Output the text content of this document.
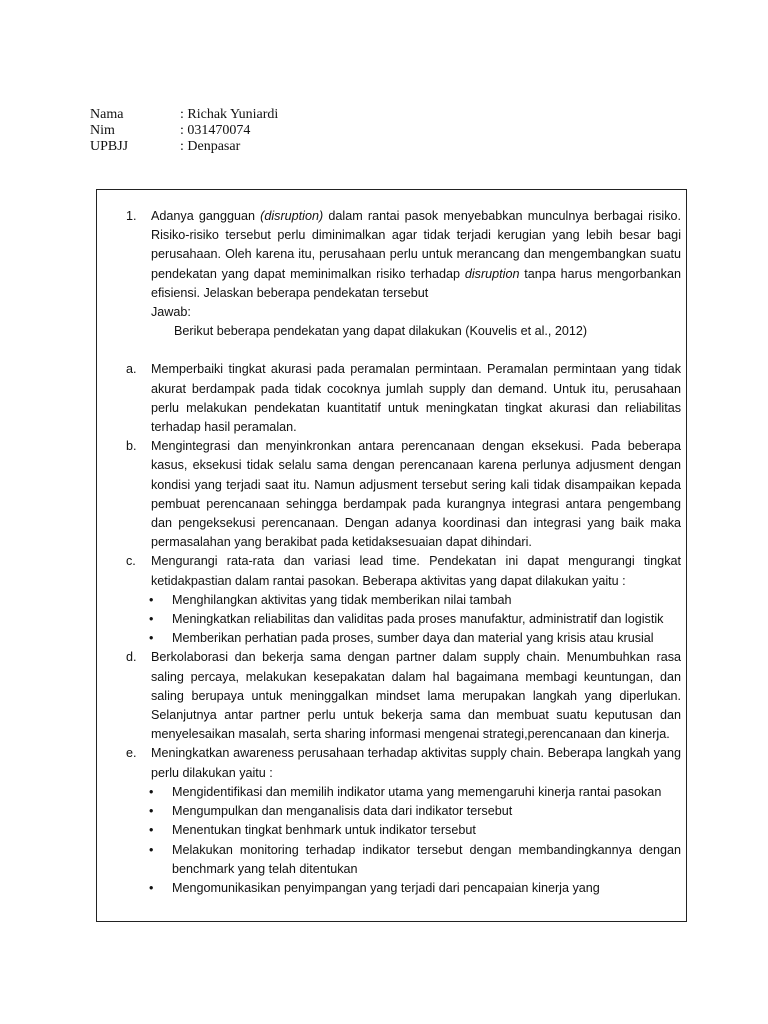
Nama	: Richak Yuniardi
Nim	: 031470074
UPBJJ	: Denpasar
1. Adanya gangguan (disruption) dalam rantai pasok menyebabkan munculnya berbagai risiko. Risiko-risiko tersebut perlu diminimalkan agar tidak terjadi kerugian yang lebih besar bagi perusahaan. Oleh karena itu, perusahaan perlu untuk merancang dan mengembangkan suatu pendekatan yang dapat meminimalkan risiko terhadap disruption tanpa harus mengorbankan efisiensi. Jelaskan beberapa pendekatan tersebut
Jawab:
Berikut beberapa pendekatan yang dapat dilakukan (Kouvelis et al., 2012)
a. Memperbaiki tingkat akurasi pada peramalan permintaan. Peramalan permintaan yang tidak akurat berdampak pada tidak cocoknya jumlah supply dan demand. Untuk itu, perusahaan perlu melakukan pendekatan kuantitatif untuk meningkatan tingkat akurasi dan reliabilitas terhadap hasil peramalan.
b. Mengintegrasi dan menyinkronkan antara perencanaan dengan eksekusi. Pada beberapa kasus, eksekusi tidak selalu sama dengan perencanaan karena perlunya adjusment dengan kondisi yang terjadi saat itu. Namun adjusment tersebut sering kali tidak disampaikan kepada pembuat perencanaan sehingga berdampak pada kurangnya integrasi antara pengembang dan pengeksekusi perencanaan. Dengan adanya koordinasi dan integrasi yang baik maka permasalahan yang berakibat pada ketidaksesuaian dapat dihindari.
c. Mengurangi rata-rata dan variasi lead time. Pendekatan ini dapat mengurangi tingkat ketidakpastian dalam rantai pasokan. Beberapa aktivitas yang dapat dilakukan yaitu :
• Menghilangkan aktivitas yang tidak memberikan nilai tambah
• Meningkatkan reliabilitas dan validitas pada proses manufaktur, administratif dan logistik
• Memberikan perhatian pada proses, sumber daya dan material yang krisis atau krusial
d. Berkolaborasi dan bekerja sama dengan partner dalam supply chain. Menumbuhkan rasa saling percaya, melakukan kesepakatan dalam hal bagaimana membagi keuntungan, dan saling berupaya untuk meninggalkan mindset lama merupakan langkah yang diperlukan. Selanjutnya antar partner perlu untuk bekerja sama dan membuat suatu keputusan dan menyelesaikan masalah, serta sharing informasi mengenai strategi,perencanaan dan kinerja.
e. Meningkatkan awareness perusahaan terhadap aktivitas supply chain. Beberapa langkah yang perlu dilakukan yaitu :
• Mengidentifikasi dan memilih indikator utama yang memengaruhi kinerja rantai pasokan
• Mengumpulkan dan menganalisis data dari indikator tersebut
• Menentukan tingkat benhmark untuk indikator tersebut
• Melakukan monitoring terhadap indikator tersebut dengan membandingkannya dengan benchmark yang telah ditentukan
• Mengomunikasikan penyimpangan yang terjadi dari pencapaian kinerja yang
